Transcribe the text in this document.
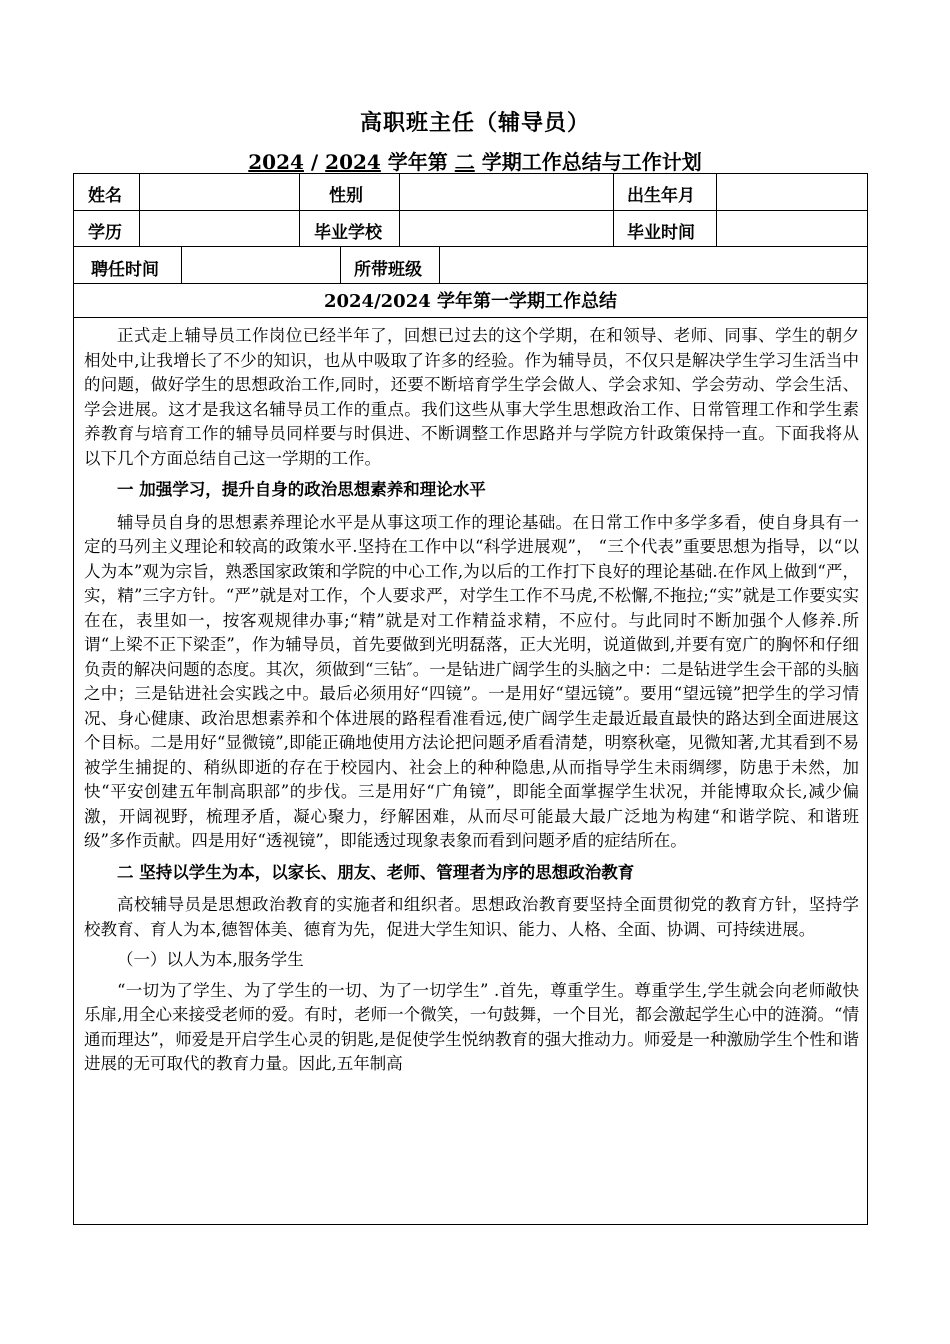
高职班主任（辅导员）
2024 / 2024 学年第 二 学期工作总结与工作计划
姓名	性别	出生年月
学历	毕业学校	毕业时间
聘任时间	所带班级
2024/2024 学年第一学期工作总结

正式走上辅导员工作岗位已经半年了，回想已过去的这个学期，在和领导、老师、同事、学生的朝夕相处中,让我增长了不少的知识，也从中吸取了许多的经验。作为辅导员，不仅只是解决学生学习生活当中的问题，做好学生的思想政治工作,同时，还要不断培育学生学会做人、学会求知、学会劳动、学会生活、学会进展。这才是我这名辅导员工作的重点。我们这些从事大学生思想政治工作、日常管理工作和学生素养教育与培育工作的辅导员同样要与时俱进、不断调整工作思路并与学院方针政策保持一直。下面我将从以下几个方面总结自己这一学期的工作。

一 加强学习，提升自身的政治思想素养和理论水平

辅导员自身的思想素养理论水平是从事这项工作的理论基础。在日常工作中多学多看，使自身具有一定的马列主义理论和较高的政策水平.坚持在工作中以“科学进展观”， “三个代表”重要思想为指导，以“以人为本”观为宗旨，熟悉国家政策和学院的中心工作,为以后的工作打下良好的理论基础.在作风上做到“严，实，精”三字方针。“严”就是对工作，个人要求严，对学生工作不马虎,不松懈,不拖拉;“实”就是工作要实实在在，表里如一，按客观规律办事;“精”就是对工作精益求精，不应付。与此同时不断加强个人修养.所谓“上梁不正下梁歪”，作为辅导员，首先要做到光明磊落，正大光明，说道做到,并要有宽广的胸怀和仔细负责的解决问题的态度。其次，须做到“三钻″。一是钻进广阔学生的头脑之中：二是钻进学生会干部的头脑之中；三是钻进社会实践之中。最后必须用好“四镜”。一是用好“望远镜”。要用“望远镜”把学生的学习情况、身心健康、政治思想素养和个体进展的路程看准看远,使广阔学生走最近最直最快的路达到全面进展这个目标。二是用好“显微镜”,即能正确地使用方法论把问题矛盾看清楚，明察秋毫，见微知著,尤其看到不易被学生捕捉的、稍纵即逝的存在于校园内、社会上的种种隐患,从而指导学生未雨绸缪，防患于未然，加快“平安创建五年制高职部”的步伐。三是用好“广角镜”，即能全面掌握学生状况，并能博取众长,减少偏激，开阔视野，梳理矛盾，凝心聚力，纾解困难，从而尽可能最大最广泛地为构建“和谐学院、和谐班级”多作贡献。四是用好“透视镜”，即能透过现象表象而看到问题矛盾的症结所在。

二 坚持以学生为本，以家长、朋友、老师、管理者为序的思想政治教育

高校辅导员是思想政治教育的实施者和组织者。思想政治教育要坚持全面贯彻党的教育方针，坚持学校教育、育人为本,德智体美、德育为先，促进大学生知识、能力、人格、全面、协调、可持续进展。

（一）以人为本,服务学生

“一切为了学生、为了学生的一切、为了一切学生” .首先，尊重学生。尊重学生,学生就会向老师敞快乐扉,用全心来接受老师的爱。有时，老师一个微笑，一句鼓舞，一个目光，都会激起学生心中的涟漪。“情通而理达”，师爱是开启学生心灵的钥匙,是促使学生悦纳教育的强大推动力。师爱是一种激励学生个性和谐进展的无可取代的教育力量。因此,五年制高
